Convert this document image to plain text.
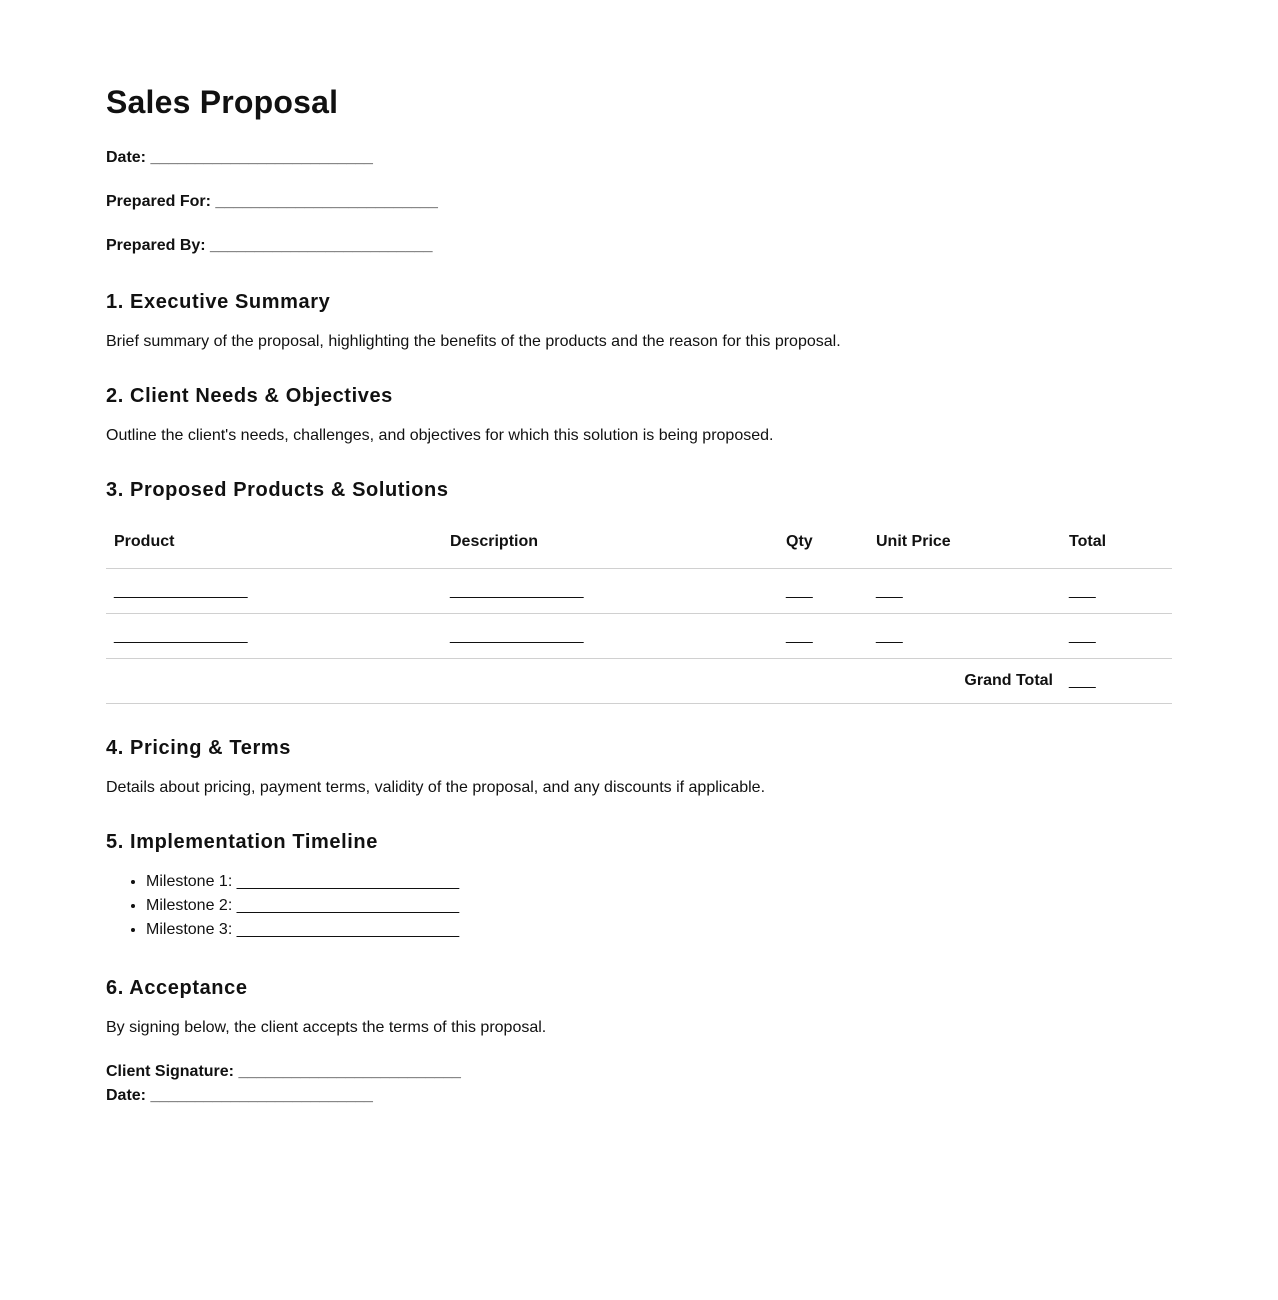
Sales Proposal
Date: _________________________
Prepared For: _________________________
Prepared By: _________________________
1. Executive Summary

Brief summary of the proposal, highlighting the benefits of the products and the reason for this proposal.

2. Client Needs & Objectives

Outline the client's needs, challenges, and objectives for which this solution is being proposed.

3. Proposed Products & Solutions
Product	Description	Qty	Unit Price	Total
_______________	_______________	___	___	___
_______________	_______________	___	___	___
Grand Total				___
4. Pricing & Terms

Details about pricing, payment terms, validity of the proposal, and any discounts if applicable.

5. Implementation Timeline
• Milestone 1: _________________________
• Milestone 2: _________________________
• Milestone 3: _________________________
6. Acceptance

By signing below, the client accepts the terms of this proposal.

Client Signature: _________________________
Date: _________________________
